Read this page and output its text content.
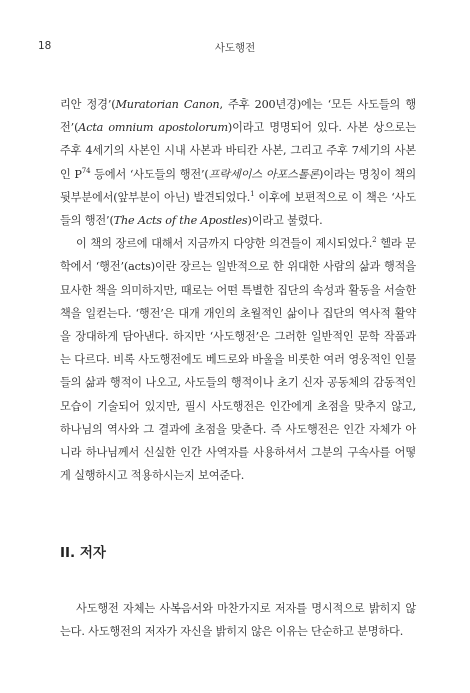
18	사도행전

리안 정경’(Muratorian Canon, 주후 200년경)에는 ‘모든 사도들의 행전’(Acta omnium apostolorum)이라고 명명되어 있다. 사본 상으로는 주후 4세기의 사본인 시내 사본과 바티칸 사본, 그리고 주후 7세기의 사본인 $P^{74}$ 등에서 ‘사도들의 행전’(프락세이스 아포스톨론)이라는 명칭이 책의 뒷부분에서(앞부분이 아닌) 발견되었다.$^1$ 이후에 보편적으로 이 책은 ‘사도들의 행전’(The Acts of the Apostles)이라고 불렸다.

이 책의 장르에 대해서 지금까지 다양한 의견들이 제시되었다.$^2$ 헬라 문학에서 ‘행전’(acts)이란 장르는 일반적으로 한 위대한 사람의 삶과 행적을 묘사한 책을 의미하지만, 때로는 어떤 특별한 집단의 속성과 활동을 서술한 책을 일컫는다. ‘행전’은 대개 개인의 초월적인 삶이나 집단의 역사적 활약을 장대하게 담아낸다. 하지만 ‘사도행전’은 그러한 일반적인 문학 작품과는 다르다. 비록 사도행전에도 베드로와 바울을 비롯한 여러 영웅적인 인물들의 삶과 행적이 나오고, 사도들의 행적이나 초기 신자 공동체의 감동적인 모습이 기술되어 있지만, 필시 사도행전은 인간에게 초점을 맞추지 않고, 하나님의 역사와 그 결과에 초점을 맞춘다. 즉 사도행전은 인간 자체가 아니라 하나님께서 신실한 인간 사역자를 사용하셔서 그분의 구속사를 어떻게 실행하시고 적용하시는지 보여준다.

II. 저자

사도행전 자체는 사복음서와 마찬가지로 저자를 명시적으로 밝히지 않는다. 사도행전의 저자가 자신을 밝히지 않은 이유는 단순하고 분명하다.
